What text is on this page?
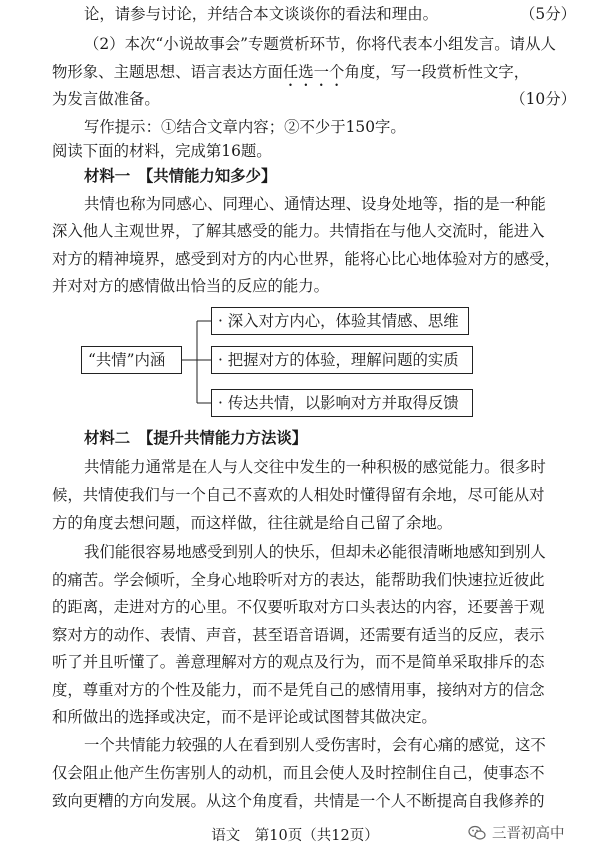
论，请参与讨论，并结合本文谈谈你的看法和理由。	（5分）
（2）本次“小说故事会”专题赏析环节，你将代表本小组发言。请从人
物形象、主题思想、语言表达方面任选一个角度，写一段赏析性文字，
为发言做准备。	（10分）
写作提示：①结合文章内容；②不少于150字。
阅读下面的材料，完成第16题。
材料一　【共情能力知多少】
共情也称为同感心、同理心、通情达理、设身处地等，指的是一种能
深入他人主观世界，了解其感受的能力。共情指在与他人交流时，能进入
对方的精神境界，感受到对方的内心世界，能将心比心地体验对方的感受，
并对对方的感情做出恰当的反应的能力。
“共情”内涵
· 深入对方内心，体验其情感、思维
· 把握对方的体验，理解问题的实质
· 传达共情，以影响对方并取得反馈
材料二　【提升共情能力方法谈】
共情能力通常是在人与人交往中发生的一种积极的感觉能力。很多时
候，共情使我们与一个自己不喜欢的人相处时懂得留有余地，尽可能从对
方的角度去想问题，而这样做，往往就是给自己留了余地。
我们能很容易地感受到别人的快乐，但却未必能很清晰地感知到别人
的痛苦。学会倾听，全身心地聆听对方的表达，能帮助我们快速拉近彼此
的距离，走进对方的心里。不仅要听取对方口头表达的内容，还要善于观
察对方的动作、表情、声音，甚至语音语调，还需要有适当的反应，表示
听了并且听懂了。善意理解对方的观点及行为，而不是简单采取排斥的态
度，尊重对方的个性及能力，而不是凭自己的感情用事，接纳对方的信念
和所做出的选择或决定，而不是评论或试图替其做决定。
一个共情能力较强的人在看到别人受伤害时，会有心痛的感觉，这不
仅会阻止他产生伤害别人的动机，而且会使人及时控制住自己，使事态不
致向更糟的方向发展。从这个角度看，共情是一个人不断提高自我修养的
语文　第10页（共12页）	三晋初高中
